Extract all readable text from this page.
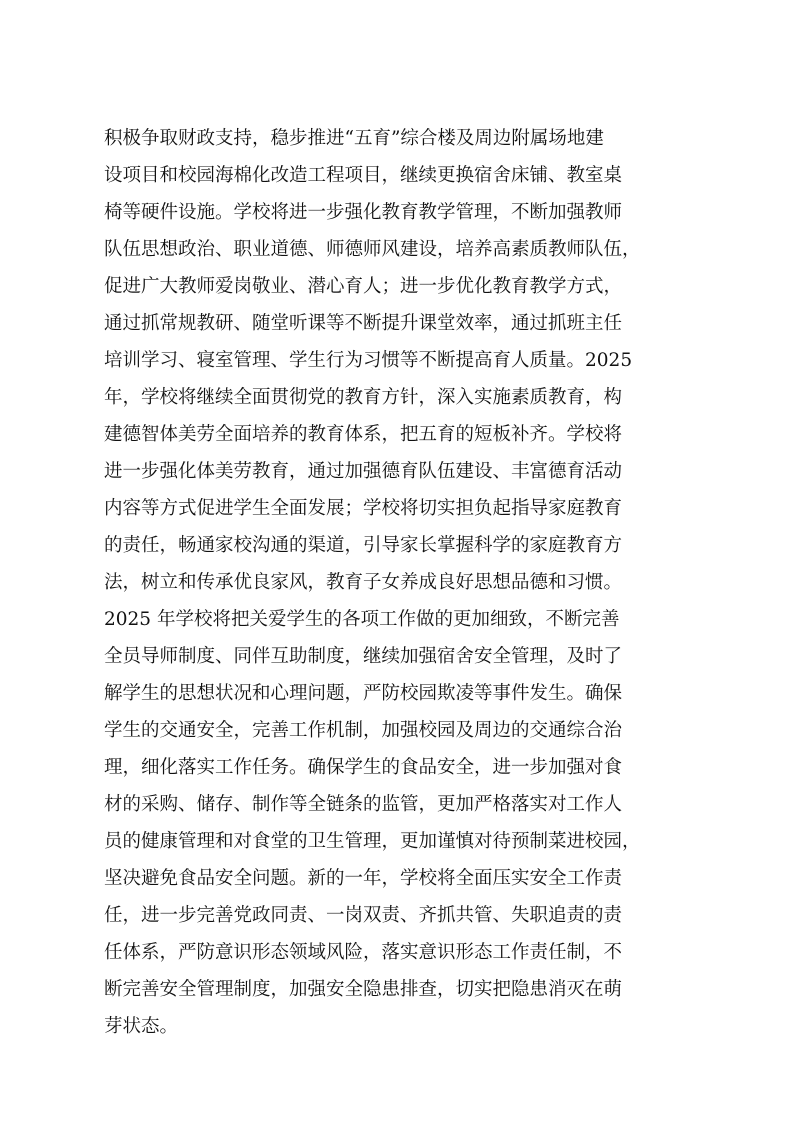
积极争取财政支持，稳步推进“五育”综合楼及周边附属场地建
设项目和校园海棉化改造工程项目，继续更换宿舍床铺、教室桌
椅等硬件设施。学校将进一步强化教育教学管理，不断加强教师
队伍思想政治、职业道德、师德师风建设，培养高素质教师队伍，
促进广大教师爱岗敬业、潜心育人；进一步优化教育教学方式，
通过抓常规教研、随堂听课等不断提升课堂效率，通过抓班主任
培训学习、寝室管理、学生行为习惯等不断提高育人质量。2025
年，学校将继续全面贯彻党的教育方针，深入实施素质教育，构
建德智体美劳全面培养的教育体系，把五育的短板补齐。学校将
进一步强化体美劳教育，通过加强德育队伍建设、丰富德育活动
内容等方式促进学生全面发展；学校将切实担负起指导家庭教育
的责任，畅通家校沟通的渠道，引导家长掌握科学的家庭教育方
法，树立和传承优良家风，教育子女养成良好思想品德和习惯。
2025 年学校将把关爱学生的各项工作做的更加细致，不断完善
全员导师制度、同伴互助制度，继续加强宿舍安全管理，及时了
解学生的思想状况和心理问题，严防校园欺凌等事件发生。确保
学生的交通安全，完善工作机制，加强校园及周边的交通综合治
理，细化落实工作任务。确保学生的食品安全，进一步加强对食
材的采购、储存、制作等全链条的监管，更加严格落实对工作人
员的健康管理和对食堂的卫生管理，更加谨慎对待预制菜进校园，
坚决避免食品安全问题。新的一年，学校将全面压实安全工作责
任，进一步完善党政同责、一岗双责、齐抓共管、失职追责的责
任体系，严防意识形态领域风险，落实意识形态工作责任制，不
断完善安全管理制度，加强安全隐患排查，切实把隐患消灭在萌
芽状态。
